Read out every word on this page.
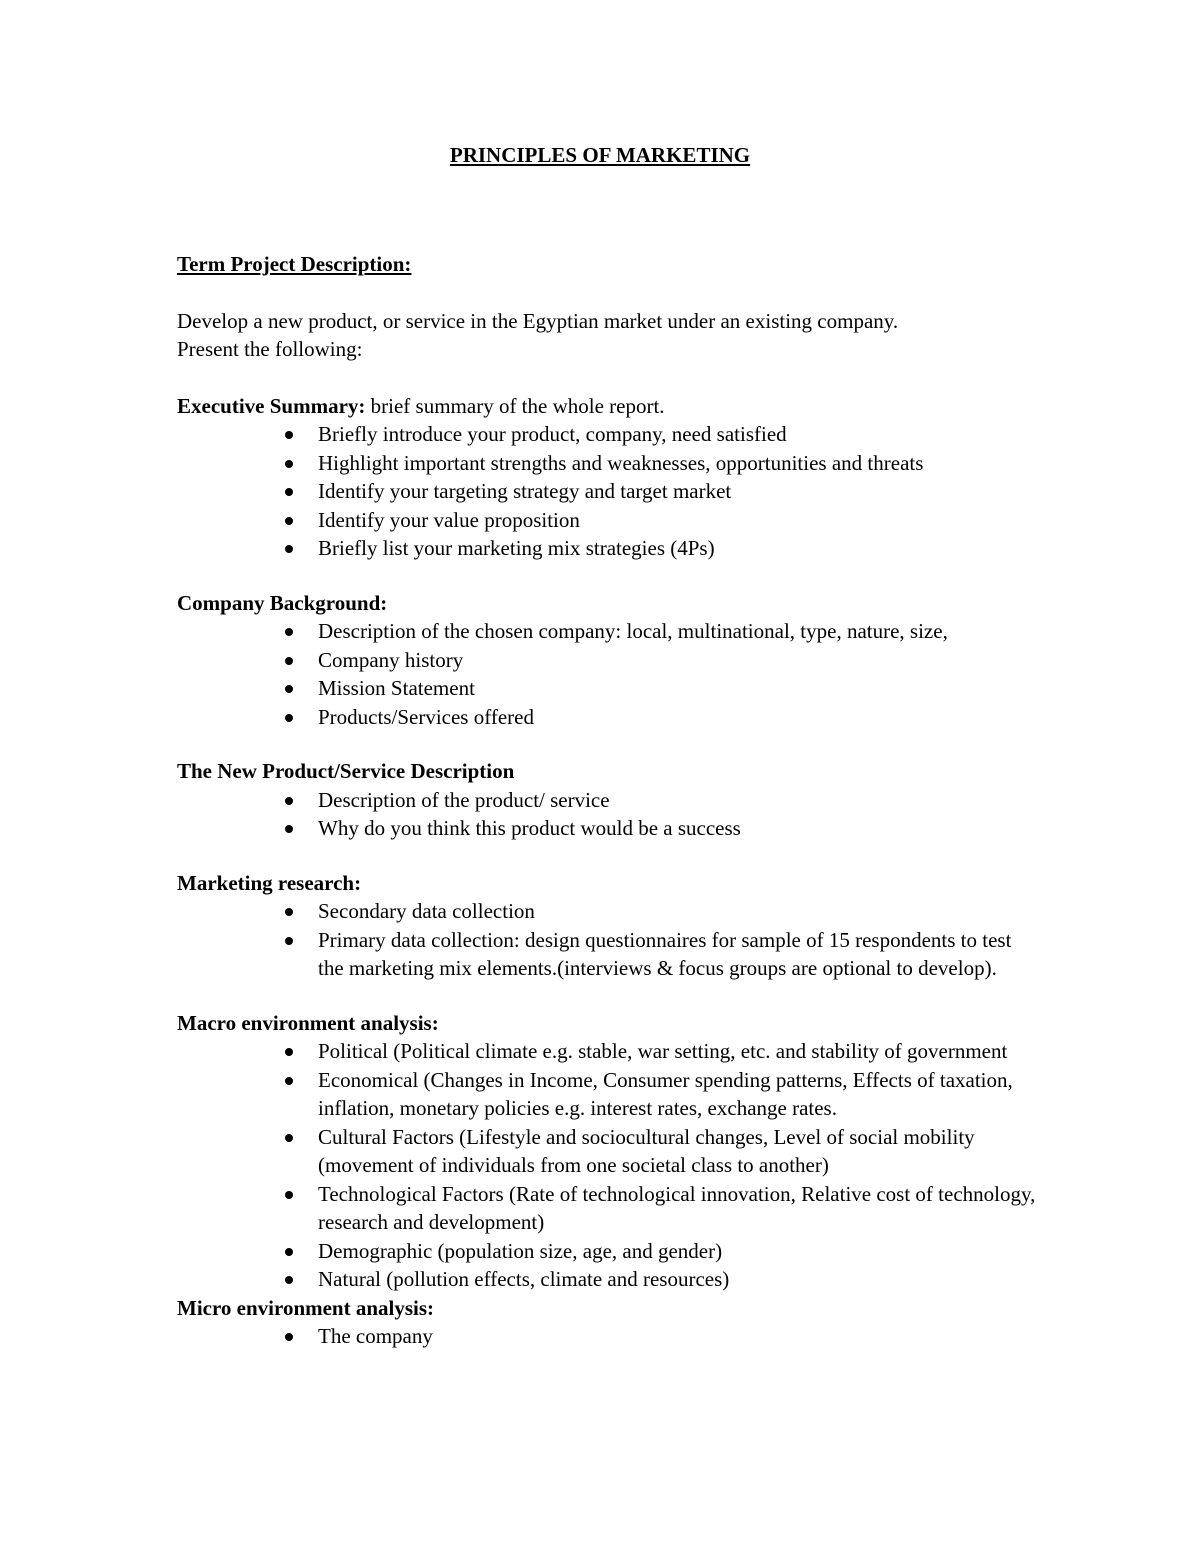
PRINCIPLES OF MARKETING

Term Project Description:

Develop a new product, or service in the Egyptian market under an existing company.

Present the following:

Executive Summary: brief summary of the whole report.

Briefly introduce your product, company, need satisfied
Highlight important strengths and weaknesses, opportunities and threats
Identify your targeting strategy and target market
Identify your value proposition
Briefly list your marketing mix strategies (4Ps)

Company Background:

Description of the chosen company: local, multinational, type, nature, size,
Company history
Mission Statement
Products/Services offered

The New Product/Service Description

Description of the product/ service
Why do you think this product would be a success

Marketing research:

Secondary data collection
Primary data collection: design questionnaires for sample of 15 respondents to test the marketing mix elements.(interviews & focus groups are optional to develop).

Macro environment analysis:

Political (Political climate e.g. stable, war setting, etc. and stability of government
Economical (Changes in Income, Consumer spending patterns, Effects of taxation, inflation, monetary policies e.g. interest rates, exchange rates.
Cultural Factors (Lifestyle and sociocultural changes, Level of social mobility (movement of individuals from one societal class to another)
Technological Factors (Rate of technological innovation, Relative cost of technology, research and development)
Demographic (population size, age, and gender)
Natural (pollution effects, climate and resources)

Micro environment analysis:

The company
